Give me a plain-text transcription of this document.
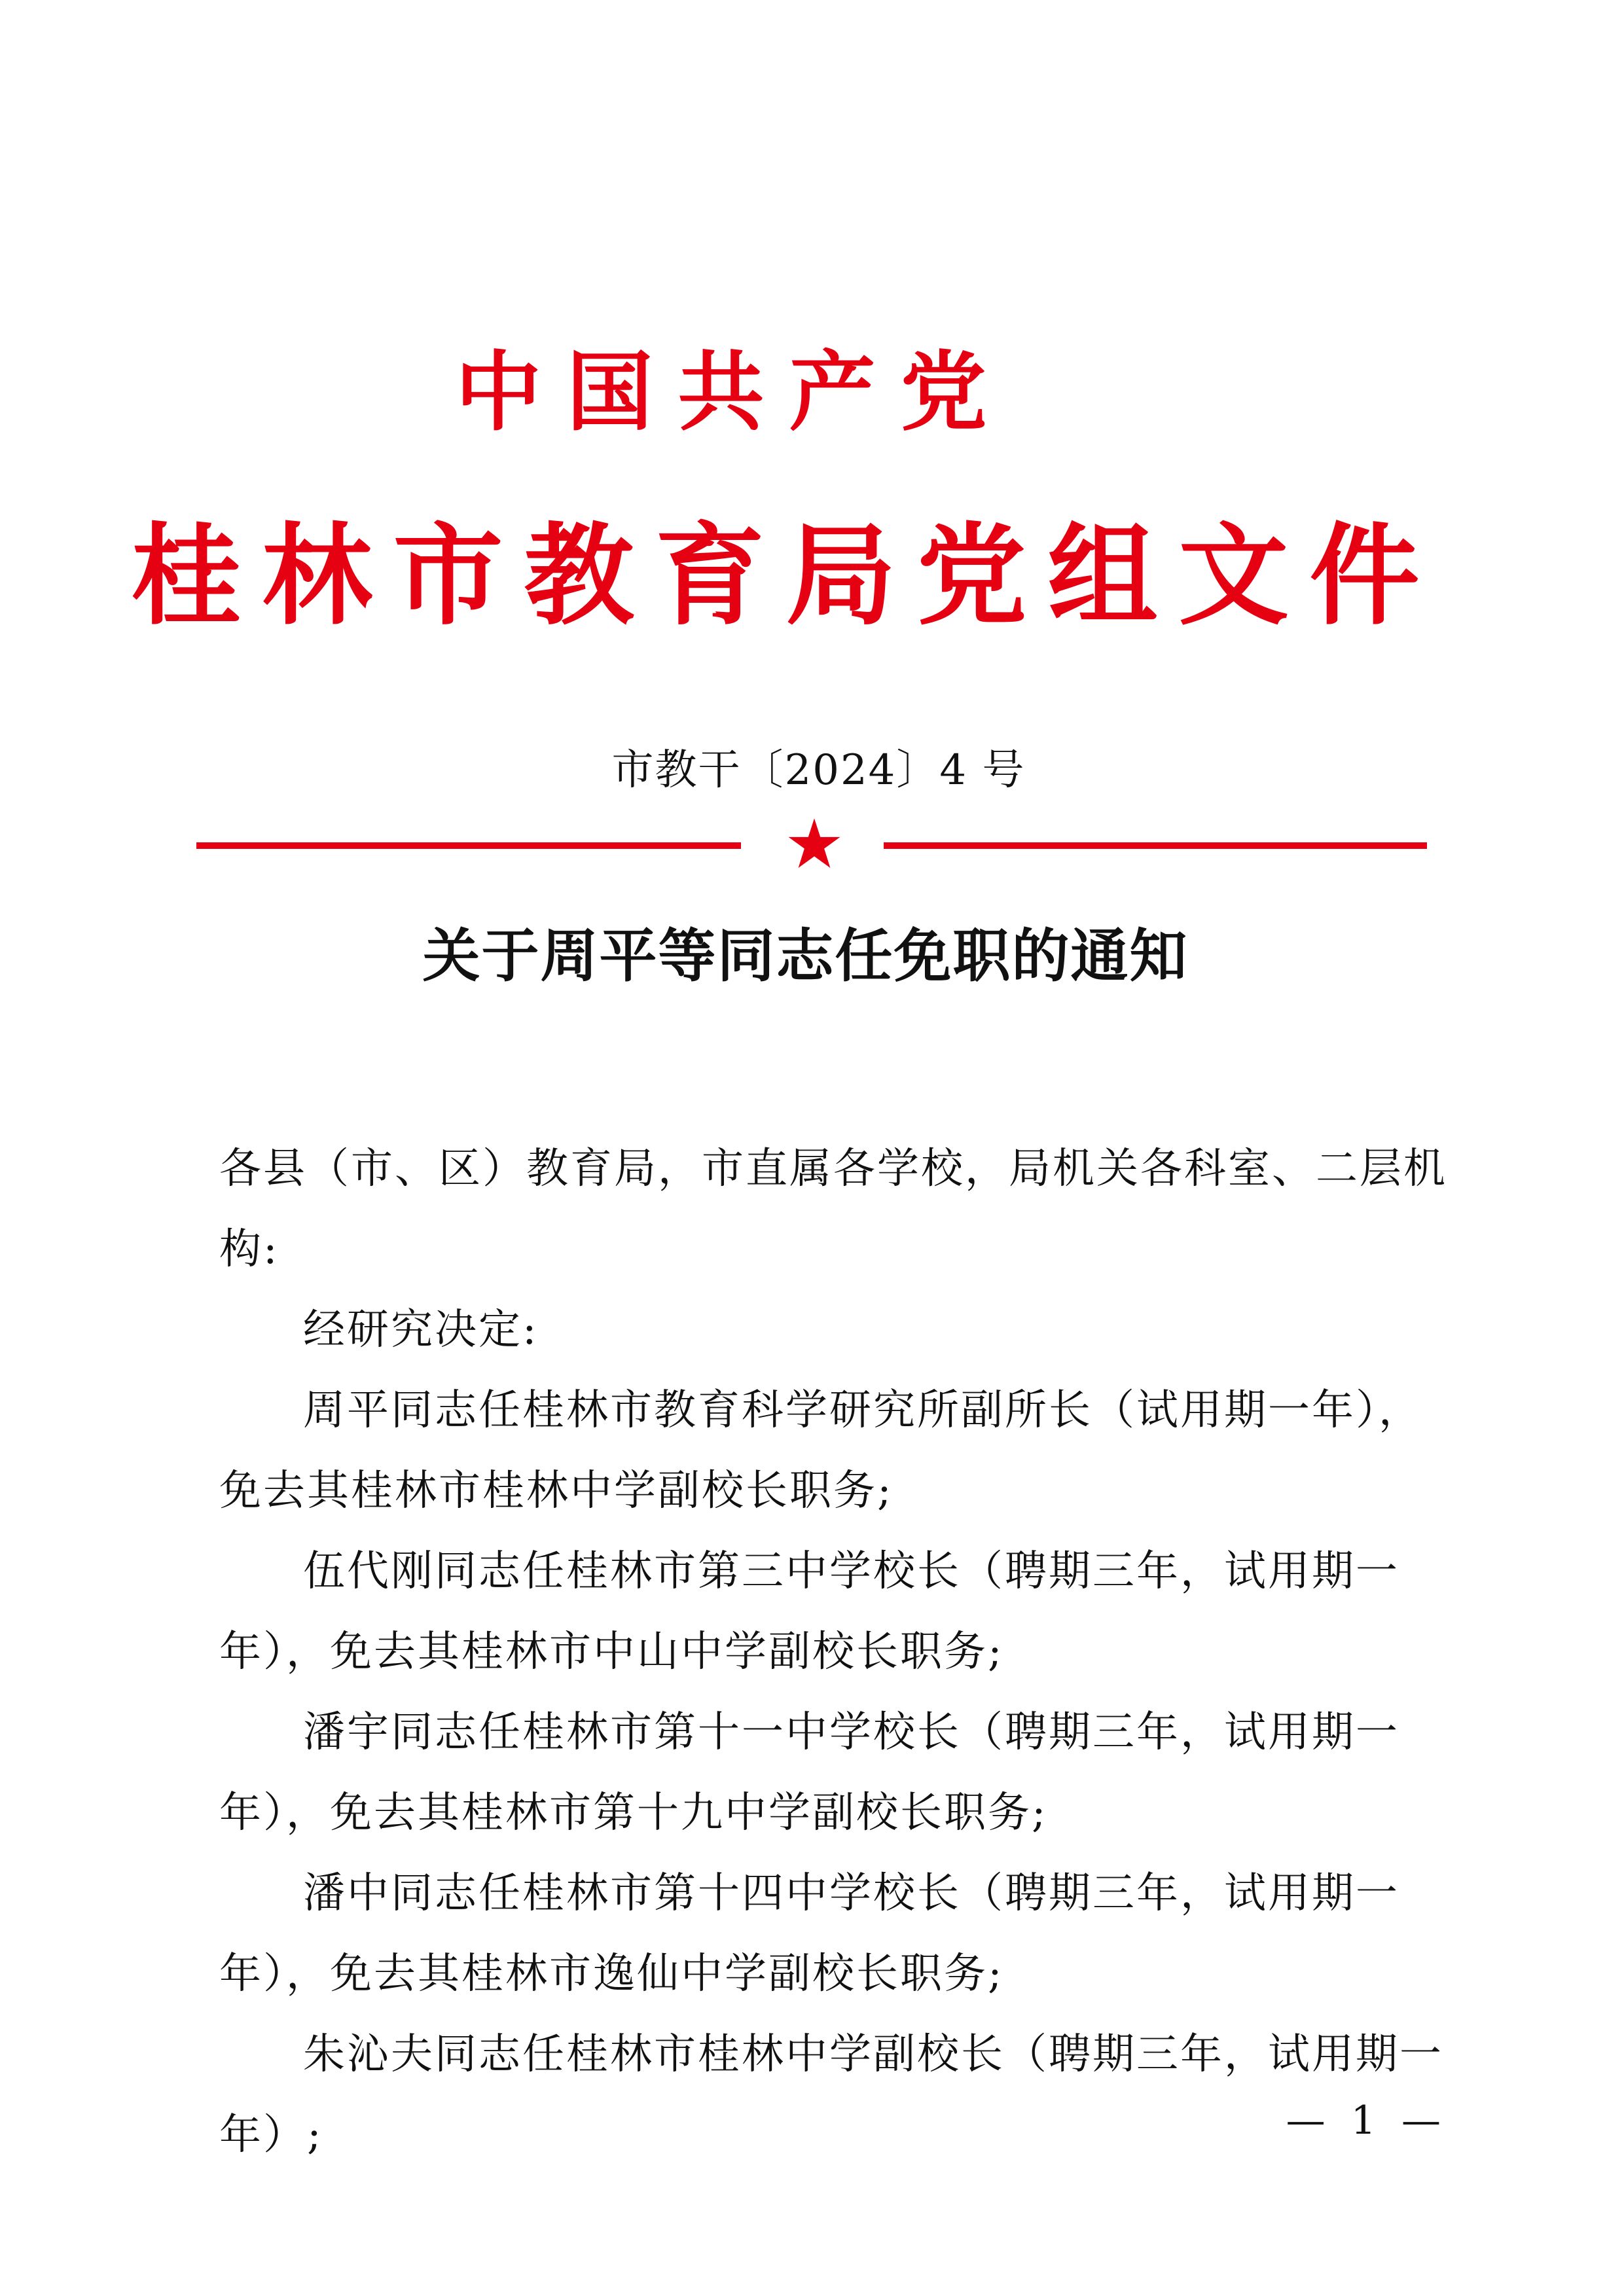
中国共产党
桂林市教育局党组文件
市教干〔2024〕4 号
关于周平等同志任免职的通知

各县（市、区）教育局，市直属各学校，局机关各科室、二层机构:

经研究决定:

周平同志任桂林市教育科学研究所副所长（试用期一年），免去其桂林市桂林中学副校长职务;

伍代刚同志任桂林市第三中学校长（聘期三年，试用期一年），免去其桂林市中山中学副校长职务;

潘宇同志任桂林市第十一中学校长（聘期三年，试用期一年），免去其桂林市第十九中学副校长职务;

潘中同志任桂林市第十四中学校长（聘期三年，试用期一年），免去其桂林市逸仙中学副校长职务;

朱沁夫同志任桂林市桂林中学副校长（聘期三年，试用期一年）;	— 1 —
